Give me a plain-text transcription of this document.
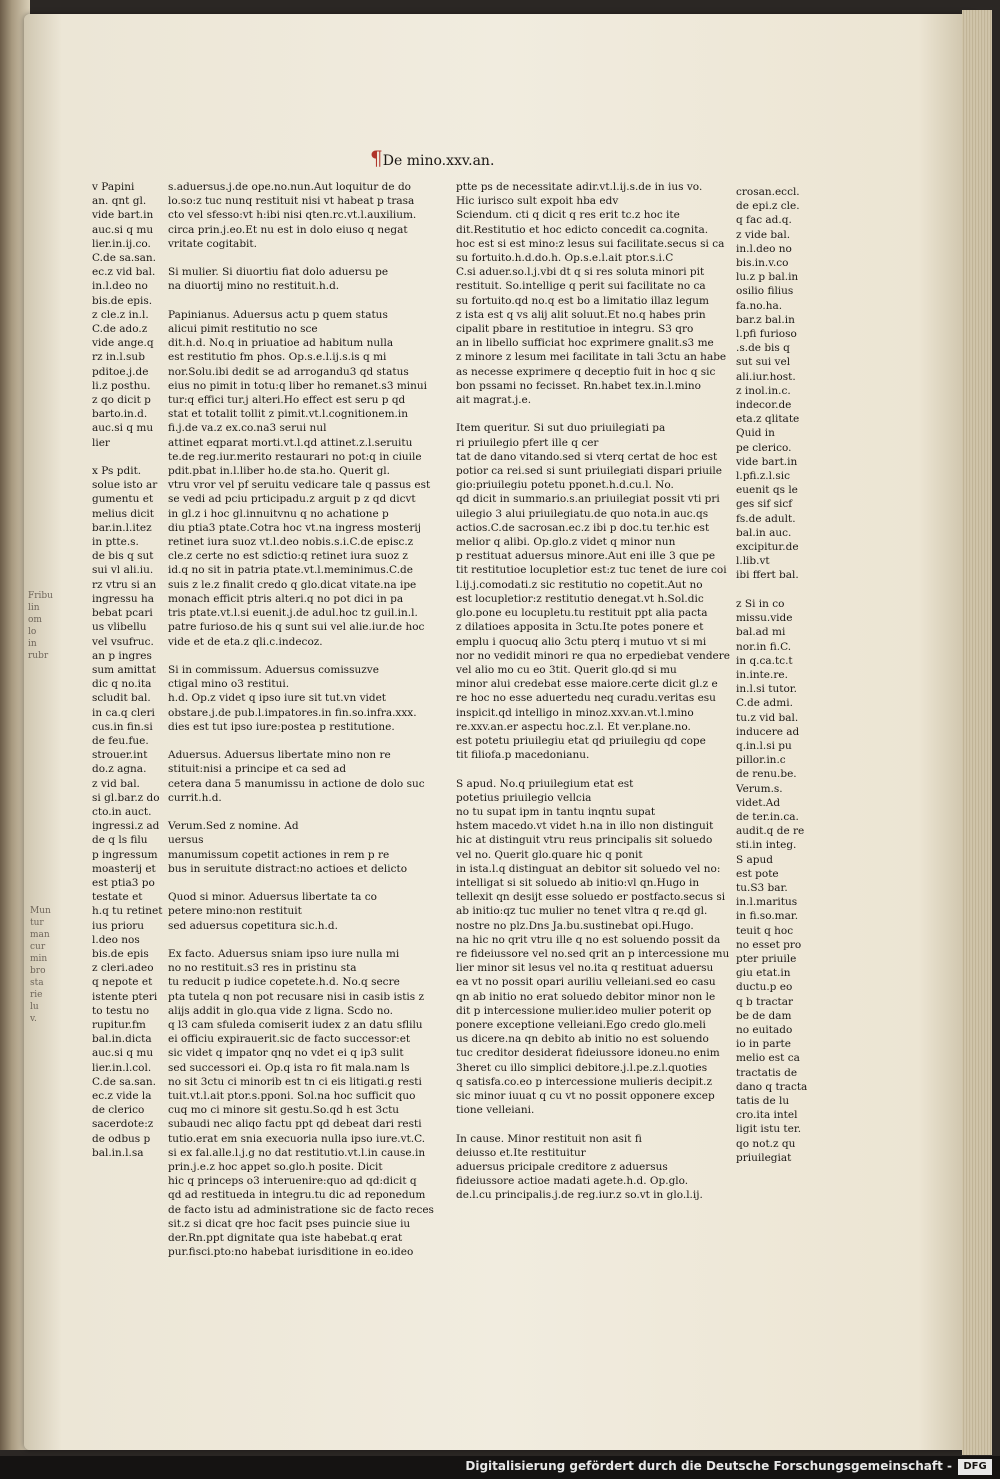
¶De mino.xxv.an.
v Papini
an. qnt gl.
vide bart.in
auc.si q mu
lier.in.ij.co.
C.de sa.san.
ec.z vid bal.
in.l.deo no
bis.de epis.
z cle.z in.l.
C.de ado.z
vide ange.q
rz in.l.sub
pditoe.j.de
li.z posthu.
z qo dicit p
barto.in.d.
auc.si q mu
lier

x Ps pdit.
solue isto ar
gumentu et
melius dicit
bar.in.l.itez
in ptte.s.
de bis q sut
sui vl ali.iu.
rz vtru si an
ingressu ha
bebat pcari
us vlibellu
vel vsufruc.
an p ingres
sum amittat
dic q no.ita
scludit bal.
in ca.q cleri
cus.in fin.si
de feu.fue.
strouer.int
do.z agna.
z vid bal.
si gl.bar.z do
cto.in auct.
ingressi.z ad
de q ls filu
p ingressum
moasterij et
est ptia3 po
testate et
h.q tu retinet
ius prioru
l.deo nos
bis.de epis
z cleri.adeo
q nepote et
istente pteri
to testu no
rupitur.fm
bal.in.dicta
auc.si q mu
lier.in.l.col.
C.de sa.san.
ec.z vide la
de clerico
sacerdote:z
de odbus p
bal.in.l.sa
s.aduersus.j.de ope.no.nun.Aut loquitur de do
lo.so:z tuc nunq restituit nisi vt habeat p trasa
cto vel sfesso:vt h:ibi nisi qten.rc.vt.l.auxilium.
circa prin.j.eo.Et nu est in dolo eiuso q negat
vritate cogitabit.

Si mulier. Si diuortiu fiat dolo aduersu pe
na diuortij mino no restituit.h.d.

Papinianus. Aduersus actu p quem status
alicui pimit restitutio no sce
dit.h.d. No.q in priuatioe ad habitum nulla
est restitutio fm phos. Op.s.e.l.ij.s.is q mi
nor.Solu.ibi dedit se ad arrogandu3 qd status
eius no pimit in totu:q liber ho remanet.s3 minui
tur:q effici tur.j alteri.Ho effect est seru p qd
stat et totalit tollit z pimit.vt.l.cognitionem.in
fi.j.de va.z ex.co.na3 serui nul
attinet eqparat morti.vt.l.qd attinet.z.l.seruitu
te.de reg.iur.merito restaurari no pot:q in ciuile
pdit.pbat in.l.liber ho.de sta.ho. Querit gl.
vtru vror vel pf seruitu vedicare tale q passus est
se vedi ad pciu prticipadu.z arguit p z qd dicvt
in gl.z i hoc gl.innuitvnu q no achatione p
diu ptia3 ptate.Cotra hoc vt.na ingress mosterij
retinet iura suoz vt.l.deo nobis.s.i.C.de episc.z
cle.z certe no est sdictio:q retinet iura suoz z
id.q no sit in patria ptate.vt.l.meminimus.C.de
suis z le.z finalit credo q glo.dicat vitate.na ipe
monach efficit ptris alteri.q no pot dici in pa
tris ptate.vt.l.si euenit.j.de adul.hoc tz guil.in.l.
patre furioso.de his q sunt sui vel alie.iur.de hoc
vide et de eta.z qli.c.indecoz.

Si in commissum. Aduersus comissuzve
ctigal mino o3 restitui.
h.d. Op.z videt q ipso iure sit tut.vn videt
obstare.j.de pub.l.impatores.in fin.so.infra.xxx.
dies est tut ipso iure:postea p restitutione.

Aduersus. Aduersus libertate mino non re
stituit:nisi a principe et ca sed ad
cetera dana 5 manumissu in actione de dolo suc
currit.h.d.

Verum.Sed z nomine. Ad
uersus
manumissum copetit actiones in rem p re
bus in seruitute distract:no actioes et delicto

Quod si minor. Aduersus libertate ta co
petere mino:non restituit
sed aduersus copetitura sic.h.d.

Ex facto. Aduersus sniam ipso iure nulla mi
no no restituit.s3 res in pristinu sta
tu reducit p iudice copetete.h.d. No.q secre
pta tutela q non pot recusare nisi in casib istis z
alijs addit in glo.qua vide z ligna. Scdo no.
q l3 cam sfuleda comiserit iudex z an datu sflilu
ei officiu expirauerit.sic de facto successor:et
sic videt q impator qnq no vdet ei q ip3 sulit
sed successori ei. Op.q ista ro fit mala.nam ls
no sit 3ctu ci minorib est tn ci eis litigati.g resti
tuit.vt.l.ait ptor.s.pponi. Sol.na hoc sufficit quo
cuq mo ci minore sit gestu.So.qd h est 3ctu
subaudi nec aliqo factu ppt qd debeat dari resti
tutio.erat em snia execuoria nulla ipso iure.vt.C.
si ex fal.alle.l.j.g no dat restitutio.vt.l.in cause.in
prin.j.e.z hoc appet so.glo.h posite. Dicit
hic q princeps o3 interuenire:quo ad qd:dicit q
qd ad restitueda in integru.tu dic ad reponedum
de facto istu ad administratione sic de facto reces
sit.z si dicat qre hoc facit pses puincie siue iu
der.Rn.ppt dignitate qua iste habebat.q erat
pur.fisci.pto:no habebat iurisditione in eo.ideo
ptte ps de necessitate adir.vt.l.ij.s.de in ius vo.
Hic iurisco sult expoit hba edv
Sciendum. cti q dicit q res erit tc.z hoc ite
dit.Restitutio et hoc edicto concedit ca.cognita.
hoc est si est mino:z lesus sui facilitate.secus si ca
su fortuito.h.d.do.h. Op.s.e.l.ait ptor.s.i.C
C.si aduer.so.l.j.vbi dt q si res soluta minori pit
restituit. So.intellige q perit sui facilitate no ca
su fortuito.qd no.q est bo a limitatio illaz legum
z ista est q vs alij alit soluut.Et no.q habes prin
cipalit pbare in restitutioe in integru. S3 qro
an in libello sufficiat hoc exprimere gnalit.s3 me
z minore z lesum mei facilitate in tali 3ctu an habe
as necesse exprimere q deceptio fuit in hoc q sic
bon pssami no fecisset. Rn.habet tex.in.l.mino
ait magrat.j.e.

Item queritur. Si sut duo priuilegiati pa
ri priuilegio pfert ille q cer
tat de dano vitando.sed si vterq certat de hoc est
potior ca rei.sed si sunt priuilegiati dispari priuile
gio:priuilegiu potetu pponet.h.d.cu.l. No.
qd dicit in summario.s.an priuilegiat possit vti pri
uilegio 3 alui priuilegiatu.de quo nota.in auc.qs
actios.C.de sacrosan.ec.z ibi p doc.tu ter.hic est
melior q alibi. Op.glo.z videt q minor nun
p restituat aduersus minore.Aut eni ille 3 que pe
tit restitutioe locupletior est:z tuc tenet de iure coi
l.ij.j.comodati.z sic restitutio no copetit.Aut no
est locupletior:z restitutio denegat.vt h.Sol.dic
glo.pone eu locupletu.tu restituit ppt alia pacta
z dilatioes apposita in 3ctu.Ite potes ponere et
emplu i quocuq alio 3ctu pterq i mutuo vt si mi
nor no vedidit minori re qua no erpediebat vendere
vel alio mo cu eo 3tit. Querit glo.qd si mu
minor alui credebat esse maiore.certe dicit gl.z e
re hoc no esse aduertedu neq curadu.veritas esu
inspicit.qd intelligo in minoz.xxv.an.vt.l.mino
re.xxv.an.er aspectu hoc.z.l. Et ver.plane.no.
est potetu priuilegiu etat qd priuilegiu qd cope
tit filiofa.p macedonianu.

S apud. No.q priuilegium etat est
potetius priuilegio vellcia
no tu supat ipm in tantu inqntu supat
hstem macedo.vt videt h.na in illo non distinguit
hic at distinguit vtru reus principalis sit soluedo
vel no. Querit glo.quare hic q ponit
in ista.l.q distinguat an debitor sit soluedo vel no:
intelligat si sit soluedo ab initio:vl qn.Hugo in
tellexit qn desijt esse soluedo er postfacto.secus si
ab initio:qz tuc mulier no tenet vltra q re.qd gl.
nostre no plz.Dns Ja.bu.sustinebat opi.Hugo.
na hic no qrit vtru ille q no est soluendo possit da
re fideiussore vel no.sed qrit an p intercessione mu
lier minor sit lesus vel no.ita q restituat aduersu
ea vt no possit opari auriliu velleiani.sed eo casu
qn ab initio no erat soluedo debitor minor non le
dit p intercessione mulier.ideo mulier poterit op
ponere exceptione velleiani.Ego credo glo.meli
us dicere.na qn debito ab initio no est soluendo
tuc creditor desiderat fideiussore idoneu.no enim
3heret cu illo simplici debitore.j.l.pe.z.l.quoties
q satisfa.co.eo p intercessione mulieris decipit.z
sic minor iuuat q cu vt no possit opponere excep
tione velleiani.

In cause. Minor restituit non asit fi
deiusso et.Ite restituitur
aduersus pricipale creditore z aduersus
fideiussore actioe madati agete.h.d. Op.glo.
de.l.cu principalis.j.de reg.iur.z so.vt in glo.l.ij.
crosan.eccl.
de epi.z cle.
q fac ad.q.
z vide bal.
in.l.deo no
bis.in.v.co
lu.z p bal.in
osilio filius
fa.no.ha.
bar.z bal.in
l.pfi furioso
.s.de bis q
sut sui vel
ali.iur.host.
z inol.in.c.
indecor.de
eta.z qlitate
Quid in
pe clerico.
vide bart.in
l.pfi.z.l.sic
euenit qs le
ges sif sicf
fs.de adult.
bal.in auc.
excipitur.de
l.lib.vt
ibi ffert bal.

z Si in co
missu.vide
bal.ad mi
nor.in fi.C.
in q.ca.tc.t
in.inte.re.
in.l.si tutor.
C.de admi.
tu.z vid bal.
inducere ad
q.in.l.si pu
pillor.in.c
de renu.be.
Verum.s.
videt.Ad
de ter.in.ca.
audit.q de re
sti.in integ.
S apud
est pote
tu.S3 bar.
in.l.maritus
in fi.so.mar.
teuit q hoc
no esset pro
pter priuile
giu etat.in
ductu.p eo
q b tractar
be de dam
no euitado
io in parte
melio est ca
tractatis de
dano q tracta
tatis de lu
cro.ita intel
ligit istu ter.
qo not.z qu
priuilegiat
Fribu
lin
om
lo
in
rubr
Mun
tur
man
cur
min
bro
sta
rie
lu
v.
Digitalisierung gefördert durch die Deutsche Forschungsgemeinschaft -	DFG
